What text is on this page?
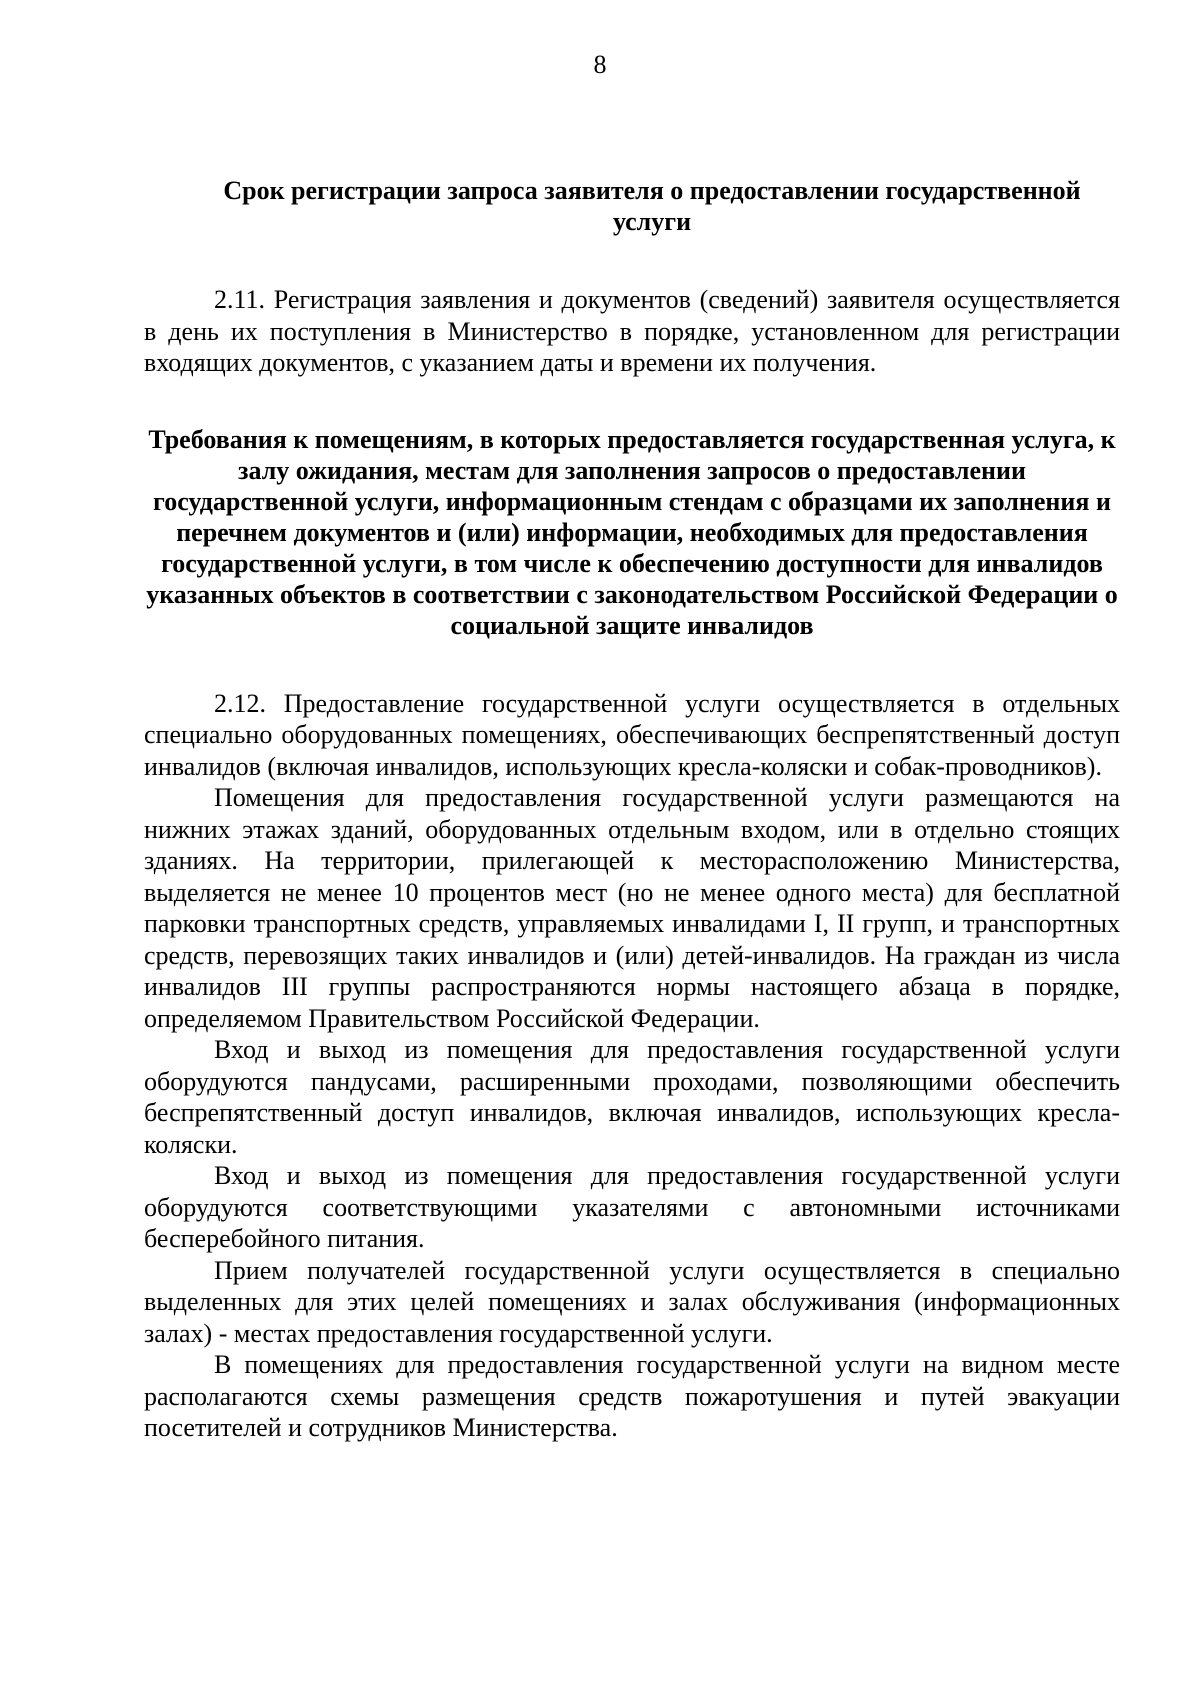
8

Срок регистрации запроса заявителя о предоставлении государственной услуги

2.11. Регистрация заявления и документов (сведений) заявителя осуществляется в день их поступления в Министерство в порядке, установленном для регистрации входящих документов, с указанием даты и времени их получения.

Требования к помещениям, в которых предоставляется государственная услуга, к залу ожидания, местам для заполнения запросов о предоставлении государственной услуги, информационным стендам с образцами их заполнения и перечнем документов и (или) информации, необходимых для предоставления государственной услуги, в том числе к обеспечению доступности для инвалидов указанных объектов в соответствии с законодательством Российской Федерации о социальной защите инвалидов

2.12. Предоставление государственной услуги осуществляется в отдельных специально оборудованных помещениях, обеспечивающих беспрепятственный доступ инвалидов (включая инвалидов, использующих кресла-коляски и собак-проводников).

Помещения для предоставления государственной услуги размещаются на нижних этажах зданий, оборудованных отдельным входом, или в отдельно стоящих зданиях. На территории, прилегающей к месторасположению Министерства, выделяется не менее 10 процентов мест (но не менее одного места) для бесплатной парковки транспортных средств, управляемых инвалидами I, II групп, и транспортных средств, перевозящих таких инвалидов и (или) детей-инвалидов. На граждан из числа инвалидов III группы распространяются нормы настоящего абзаца в порядке, определяемом Правительством Российской Федерации.

Вход и выход из помещения для предоставления государственной услуги оборудуются пандусами, расширенными проходами, позволяющими обеспечить беспрепятственный доступ инвалидов, включая инвалидов, использующих кресла-коляски.

Вход и выход из помещения для предоставления государственной услуги оборудуются соответствующими указателями с автономными источниками бесперебойного питания.

Прием получателей государственной услуги осуществляется в специально выделенных для этих целей помещениях и залах обслуживания (информационных залах) - местах предоставления государственной услуги.

В помещениях для предоставления государственной услуги на видном месте располагаются схемы размещения средств пожаротушения и путей эвакуации посетителей и сотрудников Министерства.
